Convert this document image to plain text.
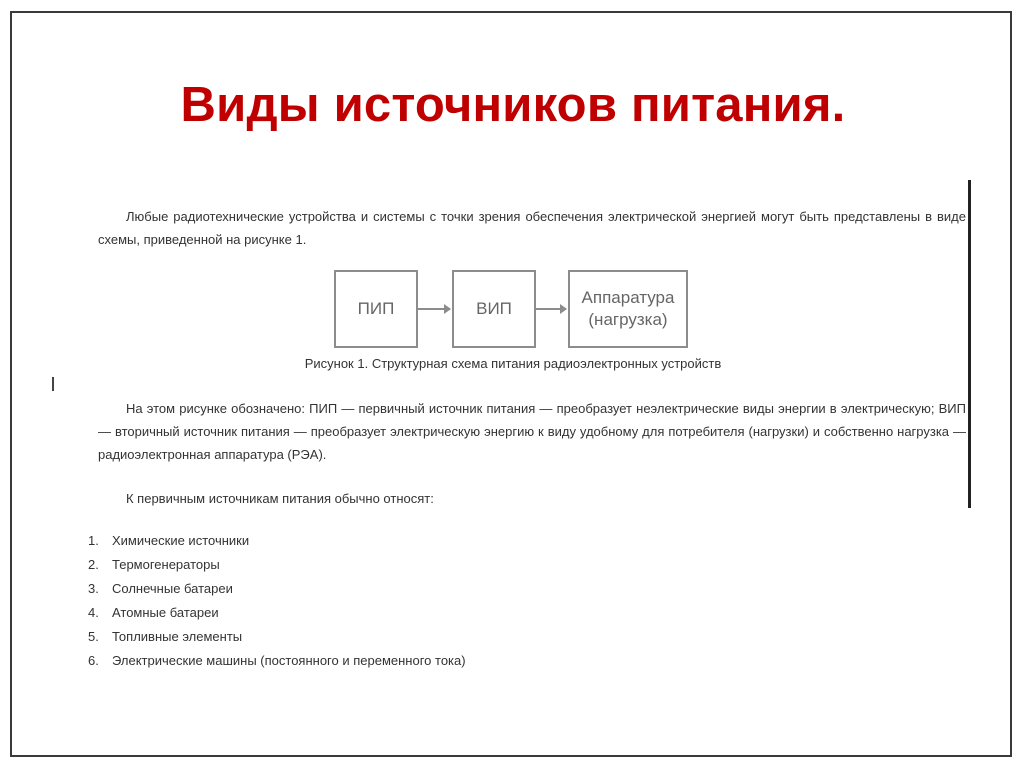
Виды источников питания.
Любые радиотехнические устройства и системы с точки зрения обеспечения электрической энергией могут быть представлены в виде схемы, приведенной на рисунке 1.
ПИП	ВИП
Аппаратура
(нагрузка)
Рисунок 1. Структурная схема питания радиоэлектронных устройств
На этом рисунке обозначено: ПИП — первичный источник питания — преобразует неэлектрические виды энергии в электрическую; ВИП — вторичный источник питания — преобразует электрическую энергию к виду удобному для потребителя (нагрузки) и собственно нагрузка — радиоэлектронная аппаратура (РЭА).
К первичным источникам питания обычно относят:
1. Химические источники
2. Термогенераторы
3. Солнечные батареи
4. Атомные батареи
5. Топливные элементы
6. Электрические машины (постоянного и переменного тока)
